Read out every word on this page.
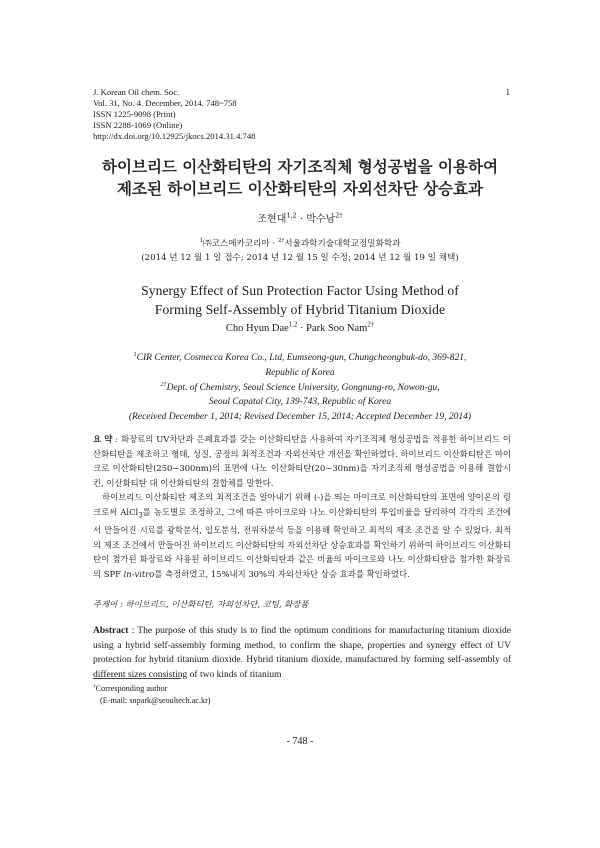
J. Korean Oil chem. Soc.
Vol. 31, No. 4. December, 2014. 748~758
ISSN 1225-9098 (Print)
ISSN 2288-1069 (Online)
http://dx.doi.org/10.12925/jkocs.2014.31.4.748
1
하이브리드 이산화티탄의 자기조직체 형성공법을 이용하여
제조된 하이브리드 이산화티탄의 자외선차단 상승효과
조현대$^{1,2}$ · 박수남$^{2\dagger}$
$^1$㈜코스메카코리아 · $^{2\dagger}$서울과학기술대학교정밀화학과
(2014 년 12 월 1 일 접수; 2014 년 12 월 15 일 수정; 2014 년 12 월 19 일 채택)
Synergy Effect of Sun Protection Factor Using Method of
Forming Self-Assembly of Hybrid Titanium Dioxide
Cho Hyun Dae$^{1,2}$ · Park Soo Nam$^{2\dagger}$
$^1$CIR Center, Cosmecca Korea Co., Ltd, Eumseong-gun, Chungcheongbuk-do, 369-821,
Republic of Korea
$^{2\dagger}$Dept. of Chemistry, Seoul Science University, Gongnung-ro, Nowon-gu,
Seoul Capatal City, 139-743, Republic of Korea
(Received December 1, 2014; Revised December 15, 2014; Accepted December 19, 2014)

요 약 : 화장료의 UV차단과 은폐효과를 갖는 이산화티탄을 사용하여 자기조직체 형성공법을 적용한 하이브리드 이산화티탄을 제조하고 형태, 성질, 공정의 최적조건과 자외선차단 개선을 확인하였다. 하이브리드 이산화티탄은 마이크로 이산화티탄(250~300nm)의 표면에 나노 이산화티탄(20~30nm)을 자기조직체 형성공법을 이용해 결합시킨, 이산화티탄 대 이산화티탄의 결합체를 말한다.

하이브리드 이산화티탄 제조의 최적조건을 알아내기 위해 (-)을 띄는 마이크로 이산화티탄의 표면에 양이온의 링크로써 AlCl$_3$를 농도별로 조정하고, 그에 따른 마이크로와 나노 이산화티탄의 투입비율을 달리하여 각각의 조건에서 만들어진 시료를 광학분석, 입도분석, 전위차분석 등을 이용해 확인하고 최적의 제조 조건을 알 수 있었다. 최적의 제조 조건에서 만들어진 하이브리드 이산화티탄의 자외선차단 상승효과를 확인하기 위하여 하이브리드 이산화티탄이 첨가된 화장료와 사용된 하이브리드 이산화티탄과 같은 비율의 마이크로와 나노 이산화티탄을 첨가한 화장료의 SPF in-vitro를 측정하였고, 15%내지 30%의 자외선차단 상승 효과를 확인하였다.

주제어 : 하이브리드, 이산화티탄, 자외선차단, 코팅, 화장품
Abstract : The purpose of this study is to find the optimum conditions for manufacturing titanium dioxide using a hybrid self-assembly forming method, to confirm the shape, properties and synergy effect of UV protection for hybrid titanium dioxide. Hybrid titanium dioxide, manufactured by forming self-assembly of different sizes consisting of two kinds of titanium
†Corresponding author
(E-mail: snpark@seoultech.ac.kr)
- 748 -
